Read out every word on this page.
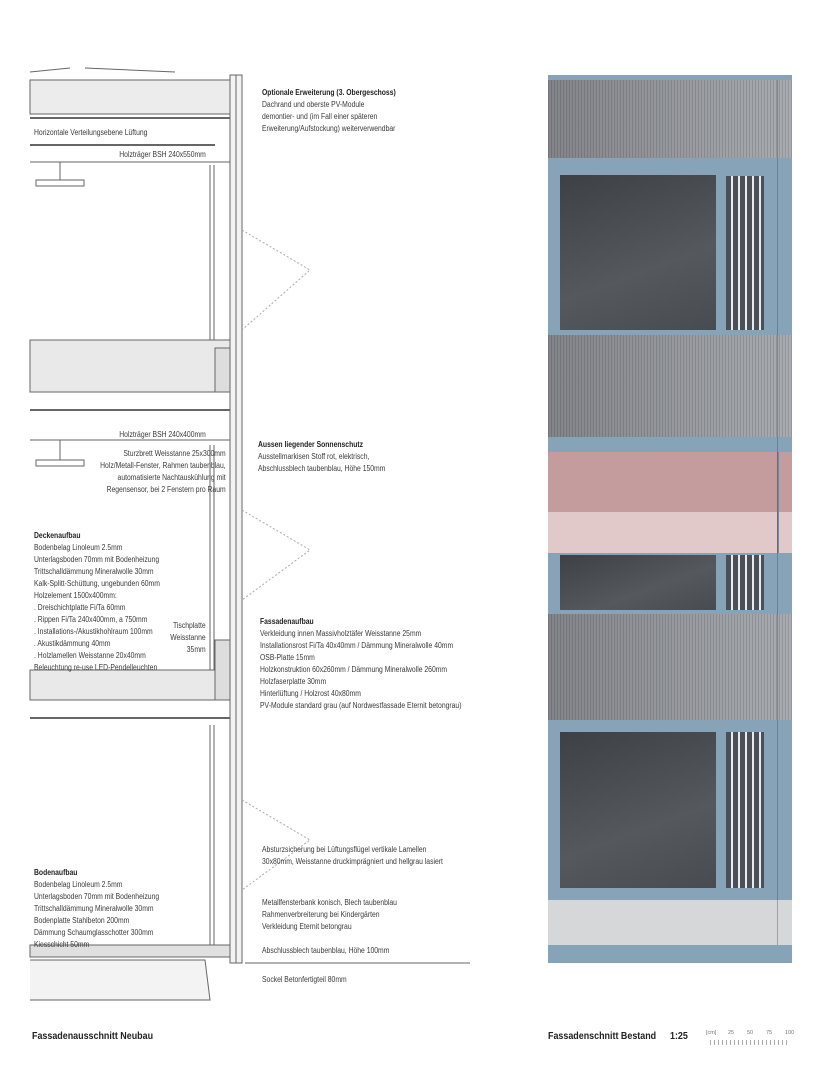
Optionale Erweiterung (3. Obergeschoss)
Dachrand und oberste PV-Module
demontier- und (im Fall einer späteren
Erweiterung/Aufstockung) weiterverwendbar
Horizontale Verteilungsebene Lüftung
Holzträger BSH 240x550mm
Holzträger BSH 240x400mm
Sturzbrett Weisstanne 25x300mm
Holz/Metall-Fenster, Rahmen taubenblau,
automatisierte Nachtauskühlung mit
Regensensor, bei 2 Fenstern pro Raum
Aussen liegender Sonnenschutz
Ausstellmarkisen Stoff rot, elektrisch,
Abschlussblech taubenblau, Höhe 150mm
Deckenaufbau
Bodenbelag Linoleum 2.5mm
Unterlagsboden 70mm mit Bodenheizung
Trittschalldämmung Mineralwolle 30mm
Kalk-Splitt-Schüttung, ungebunden 60mm
Holzelement 1500x400mm:
. Dreischichtplatte Fi/Ta 60mm
. Rippen Fi/Ta 240x400mm, a 750mm
. Installations-/Akustikhohlraum 100mm
. Akustikdämmung 40mm
. Holzlamellen Weisstanne 20x40mm
Beleuchtung re-use LED-Pendelleuchten
Tischplatte
Weisstanne
35mm
Fassadenaufbau
Verkleidung innen Massivholztäfer Weisstanne 25mm
Installationsrost Fi/Ta 40x40mm / Dämmung Mineralwolle 40mm
OSB-Platte 15mm
Holzkonstruktion 60x260mm / Dämmung Mineralwolle 260mm
Holzfaserplatte 30mm
Hinterlüftung / Holzrost 40x80mm
PV-Module standard grau (auf Nordwestfassade Eternit betongrau)
Absturzsicherung bei Lüftungsflügel vertikale Lamellen
30x80mm, Weisstanne druckimprägniert und hellgrau lasiert
Bodenaufbau
Bodenbelag Linoleum 2.5mm
Unterlagsboden 70mm mit Bodenheizung
Trittschalldämmung Mineralwolle 30mm
Bodenplatte Stahlbeton 200mm
Dämmung Schaumglasschotter 300mm
Kiesschicht 50mm
Metallfensterbank konisch, Blech taubenblau
Rahmenverbreiterung bei Kindergärten
Verkleidung Eternit betongrau
Abschlussblech taubenblau, Höhe 100mm
Sockel Betonfertigteil 80mm
Fassadenausschnitt Neubau	Fassadenschnitt Bestand 1:25	[cm] 25 50 75 100
